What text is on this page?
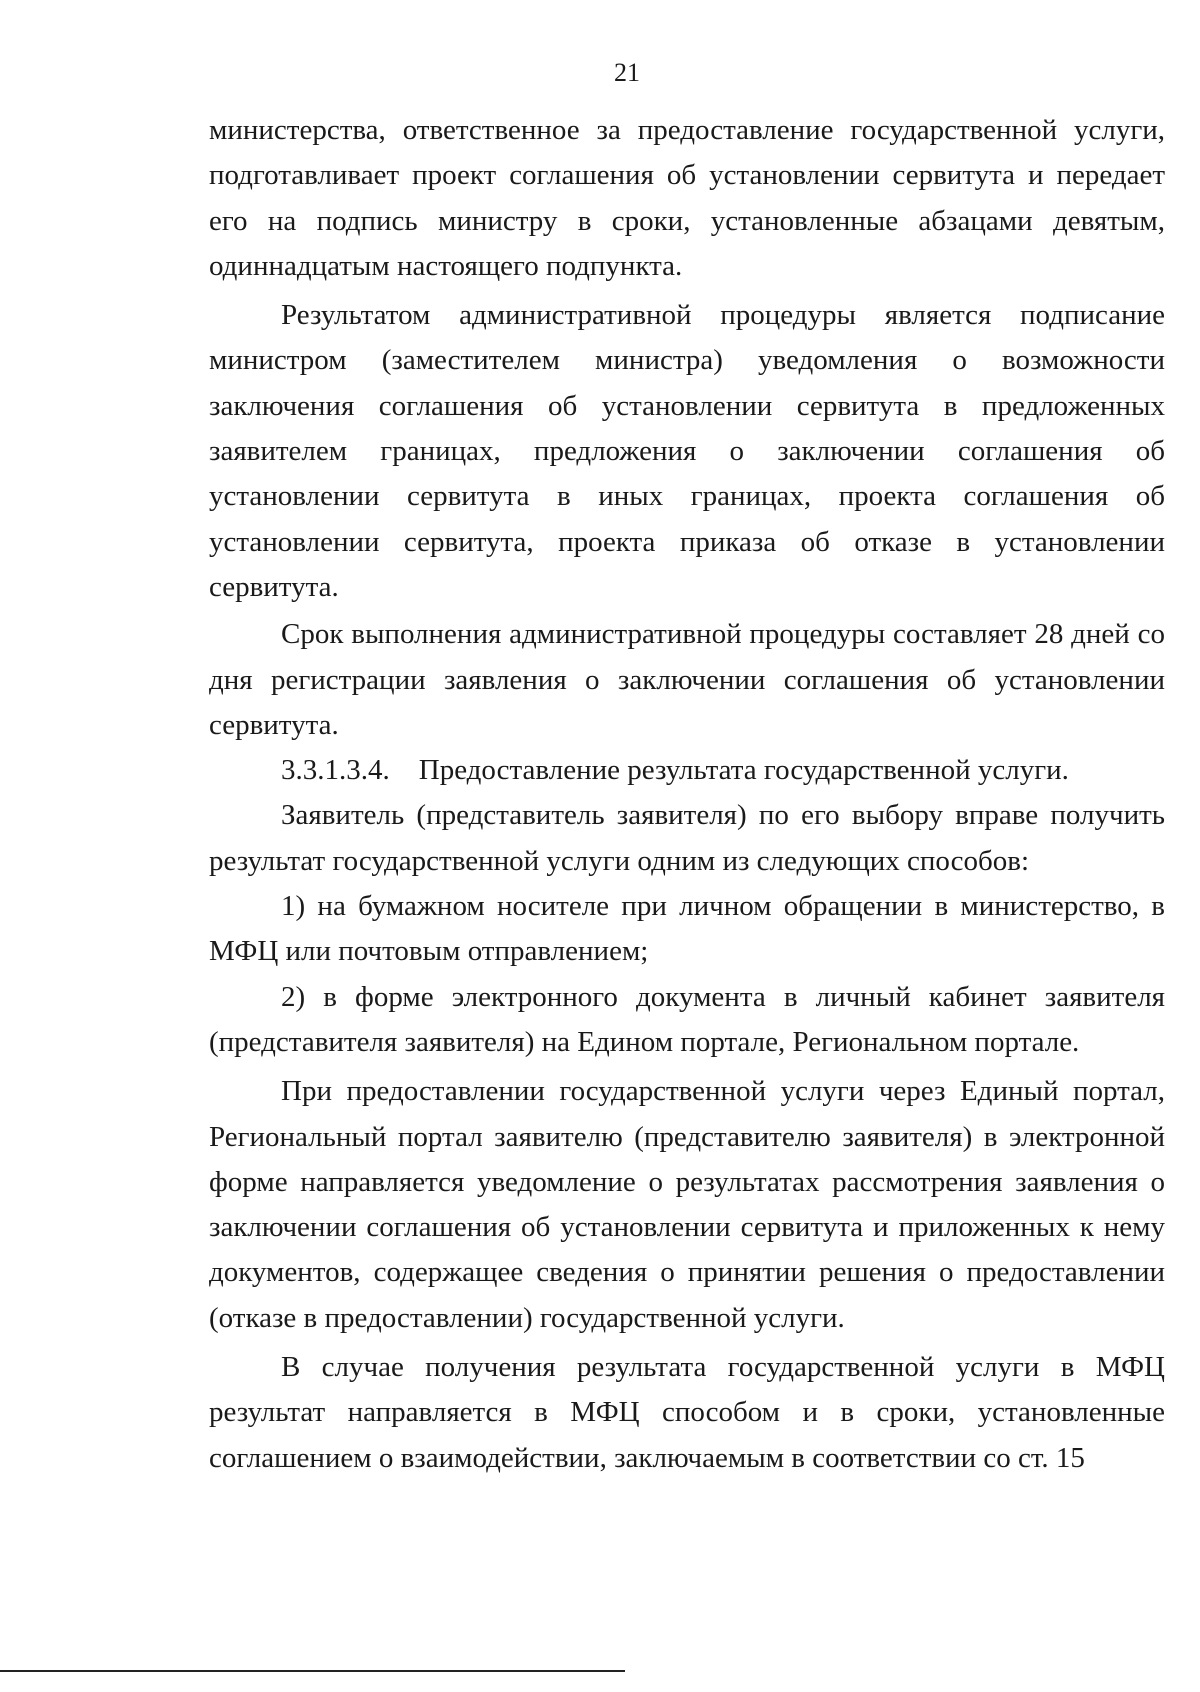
21

министерства, ответственное за предоставление государственной услуги, подготавливает проект соглашения об установлении сервитута и передает его на подпись министру в сроки, установленные абзацами девятым, одиннадцатым настоящего подпункта.

Результатом административной процедуры является подписание министром (заместителем министра) уведомления о возможности заключения соглашения об установлении сервитута в предложенных заявителем границах, предложения о заключении соглашения об установлении сервитута в иных границах, проекта соглашения об установлении сервитута, проекта приказа об отказе в установлении сервитута.

Срок выполнения административной процедуры составляет 28 дней со дня регистрации заявления о заключении соглашения об установлении сервитута.

3.3.1.3.4.    Предоставление результата государственной услуги.

Заявитель (представитель заявителя) по его выбору вправе получить результат государственной услуги одним из следующих способов:

1) на бумажном носителе при личном обращении в министерство, в МФЦ или почтовым отправлением;

2) в форме электронного документа в личный кабинет заявителя (представителя заявителя) на Едином портале, Региональном портале.

При предоставлении государственной услуги через Единый портал, Региональный портал заявителю (представителю заявителя) в электронной форме направляется уведомление о результатах рассмотрения заявления о заключении соглашения об установлении сервитута и приложенных к нему документов, содержащее сведения о принятии решения о предоставлении (отказе в предоставлении) государственной услуги.

В случае получения результата государственной услуги в МФЦ результат направляется в МФЦ способом и в сроки, установленные соглашением о взаимодействии, заключаемым в соответствии со ст. 15
